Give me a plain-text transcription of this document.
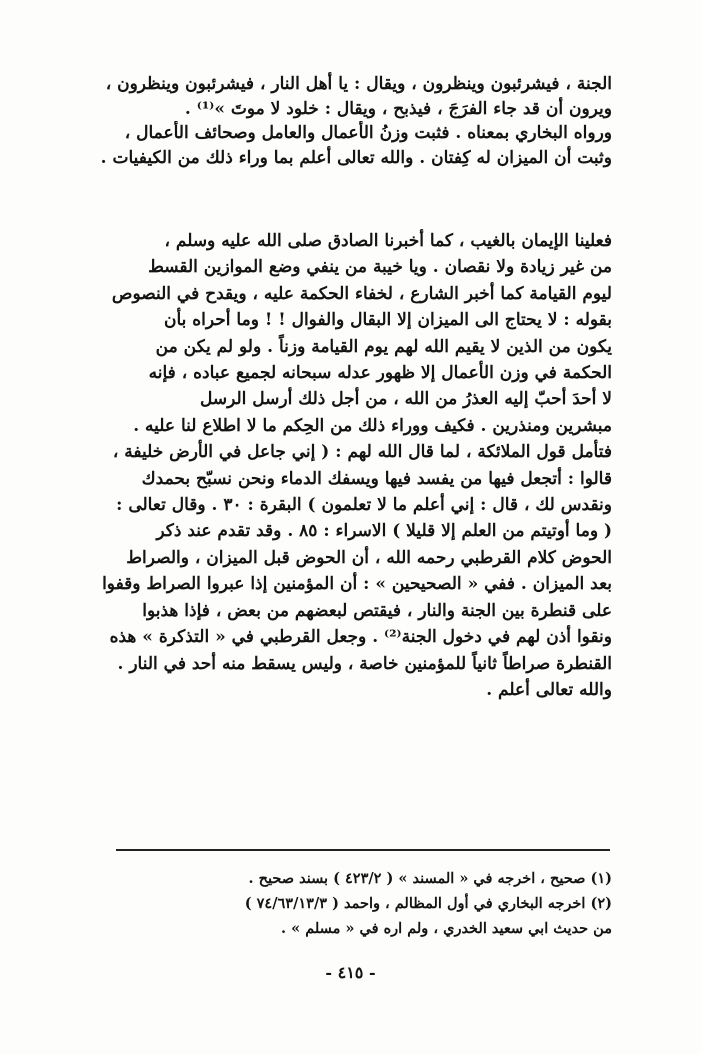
الجنة ، فيشرئبون وينظرون ، ويقال : يا أهل النار ، فيشرئبون وينظرون ،
ويرون أن قد جاء الفرَجَ ، فيذبح ، ويقال : خلود لا موتَ »⁽¹⁾ .
ورواه البخاري بمعناه . فثبت وزنُ الأعمال والعامل وصحائف الأعمال ،
وثبت أن الميزان له كِفتان . والله تعالى أعلم بما وراء ذلك من الكيفيات .
فعلينا الإيمان بالغيب ، كما أخبرنا الصادق صلى الله عليه وسلم ،
من غير زيادة ولا نقصان . ويا خيبة من ينفي وضع الموازين القسط
ليوم القيامة كما أخبر الشارع ، لخفاء الحكمة عليه ، ويقدح في النصوص
بقوله : لا يحتاج الى الميزان إلا البقال والفوال ! ! وما أحراه بأن
يكون من الذين لا يقيم الله لهم يوم القيامة وزناً . ولو لم يكن من
الحكمة في وزن الأعمال إلا ظهور عدله سبحانه لجميع عباده ، فإنه
لا أحدَ أحبّ إليه العذرُ من الله ، من أجل ذلك أرسل الرسل
مبشرين ومنذرين . فكيف ووراء ذلك من الحِكم ما لا اطلاع لنا عليه .
فتأمل قول الملائكة ، لما قال الله لهم : ( إني جاعل في الأرض خليفة ،
قالوا : أتجعل فيها من يفسد فيها ويسفك الدماء ونحن نسبّح بحمدك
ونقدس لك ، قال : إني أعلم ما لا تعلمون ) البقرة : ٣٠ . وقال تعالى :
( وما أوتيتم من العلم إلا قليلا ) الاسراء : ٨٥ . وقد تقدم عند ذكر
الحوض كلام القرطبي رحمه الله ، أن الحوض قبل الميزان ، والصراط
بعد الميزان . ففي « الصحيحين » : أن المؤمنين إذا عبروا الصراط وقفوا
على قنطرة بين الجنة والنار ، فيقتص لبعضهم من بعض ، فإذا هذبوا
ونقوا أذن لهم في دخول الجنة⁽²⁾ . وجعل القرطبي في « التذكرة » هذه
القنطرة صراطاً ثانياً للمؤمنين خاصة ، وليس يسقط منه أحد في النار .
والله تعالى أعلم .
(١) صحيح ، اخرجه في « المسند » ( ٤٢٣/٢ ) بسند صحيح .
(٢) اخرجه البخاري في أول المظالم ، واحمد ( ٧٤/٦٣/١٣/٣ )
من حديث ابي سعيد الخدري ، ولم اره في « مسلم » .
- ٤١٥ -
